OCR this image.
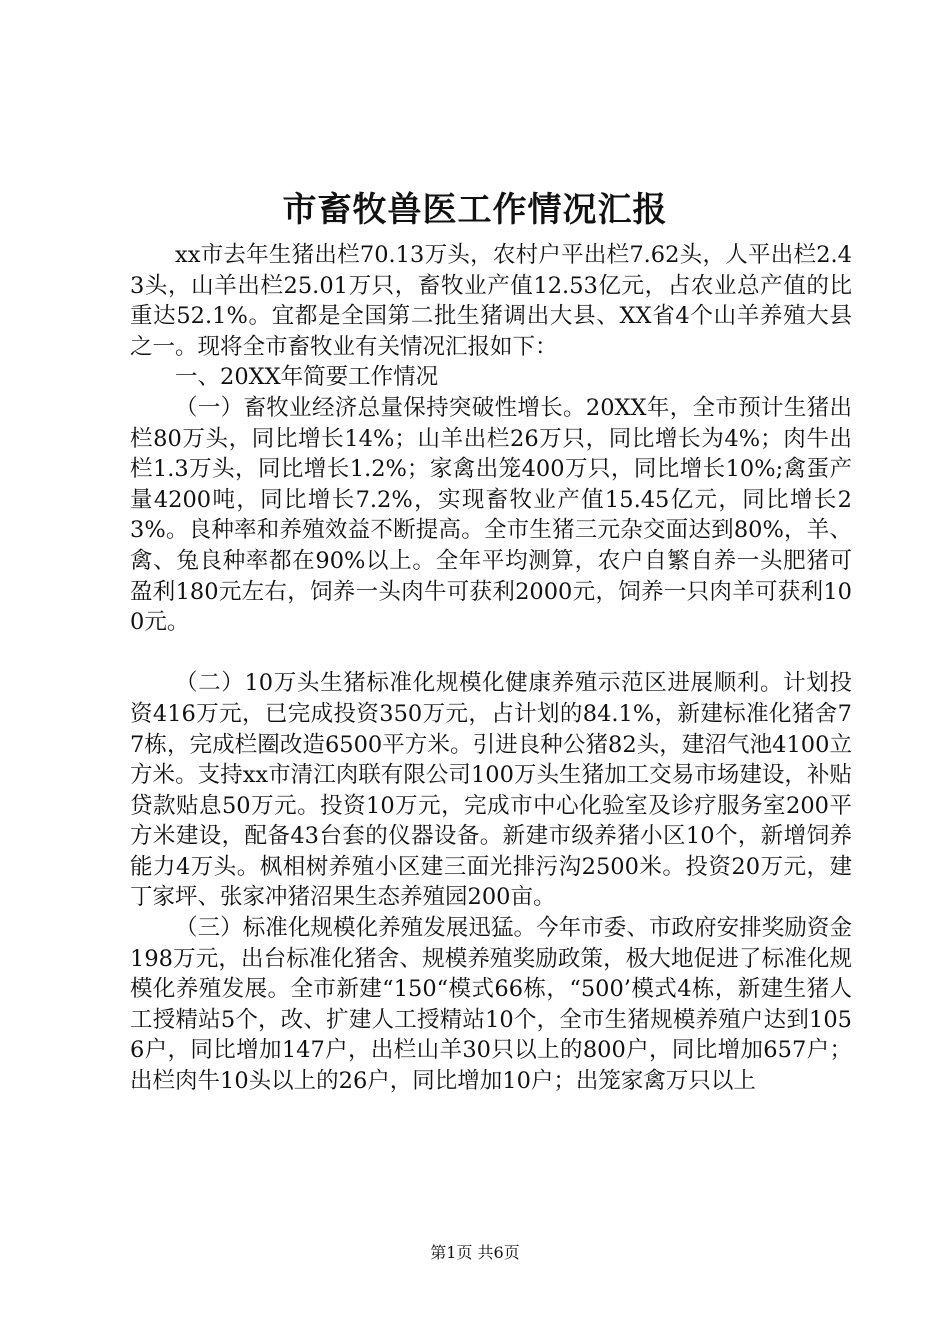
市畜牧兽医工作情况汇报

xx市去年生猪出栏70.13万头，农村户平出栏7.62头，人平出栏2.43头，山羊出栏25.01万只，畜牧业产值12.53亿元，占农业总产值的比重达52.1%。宜都是全国第二批生猪调出大县、XX省4个山羊养殖大县之一。现将全市畜牧业有关情况汇报如下：

一、20XX年简要工作情况

（一）畜牧业经济总量保持突破性增长。20XX年，全市预计生猪出栏80万头，同比增长14%；山羊出栏26万只，同比增长为4%；肉牛出栏1.3万头，同比增长1.2%；家禽出笼400万只，同比增长10%;禽蛋产量4200吨，同比增长7.2%，实现畜牧业产值15.45亿元，同比增长23%。良种率和养殖效益不断提高。全市生猪三元杂交面达到80%，羊、禽、兔良种率都在90%以上。全年平均测算，农户自繁自养一头肥猪可盈利180元左右，饲养一头肉牛可获利2000元，饲养一只肉羊可获利100元。

（二）10万头生猪标准化规模化健康养殖示范区进展顺利。计划投资416万元，已完成投资350万元，占计划的84.1%，新建标准化猪舍77栋，完成栏圈改造6500平方米。引进良种公猪82头，建沼气池4100立方米。支持xx市清江肉联有限公司100万头生猪加工交易市场建设，补贴贷款贴息50万元。投资10万元，完成市中心化验室及诊疗服务室200平方米建设，配备43台套的仪器设备。新建市级养猪小区10个，新增饲养能力4万头。枫相树养殖小区建三面光排污沟2500米。投资20万元，建丁家坪、张家冲猪沼果生态养殖园200亩。

（三）标准化规模化养殖发展迅猛。今年市委、市政府安排奖励资金198万元，出台标准化猪舍、规模养殖奖励政策，极大地促进了标准化规模化养殖发展。全市新建“150“模式66栋，“500’模式4栋，新建生猪人工授精站5个，改、扩建人工授精站10个，全市生猪规模养殖户达到1056户，同比增加147户，出栏山羊30只以上的800户，同比增加657户；出栏肉牛10头以上的26户，同比增加10户；出笼家禽万只以上

第1页 共6页
